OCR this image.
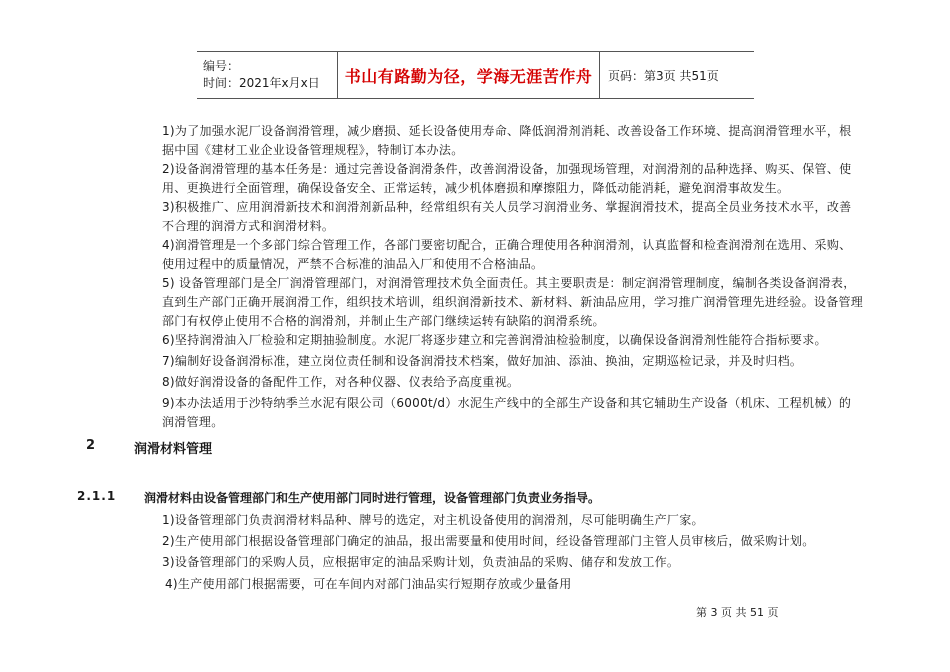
编号：
时间：2021年x月x日	书山有路勤为径，学海无涯苦作舟	页码：第3页 共51页
1)为了加强水泥厂设备润滑管理，减少磨损、延长设备使用寿命、降低润滑剂消耗、改善设备工作环境、提高润滑管理水平，根
据中国《建材工业企业设备管理规程》，特制订本办法。
2)设备润滑管理的基本任务是：通过完善设备润滑条件，改善润滑设备，加强现场管理，对润滑剂的品种选择、购买、保管、使
用、更换进行全面管理，确保设备安全、正常运转，减少机体磨损和摩擦阻力，降低动能消耗，避免润滑事故发生。
3)积极推广、应用润滑新技术和润滑剂新品种，经常组织有关人员学习润滑业务、掌握润滑技术，提高全员业务技术水平，改善
不合理的润滑方式和润滑材料。
4)润滑管理是一个多部门综合管理工作，各部门要密切配合，正确合理使用各种润滑剂，认真监督和检查润滑剂在选用、采购、
使用过程中的质量情况，严禁不合标准的油品入厂和使用不合格油品。
5) 设备管理部门是全厂润滑管理部门，对润滑管理技术负全面责任。其主要职责是：制定润滑管理制度，编制各类设备润滑表，
直到生产部门正确开展润滑工作，组织技术培训，组织润滑新技术、新材料、新油品应用，学习推广润滑管理先进经验。设备管理
部门有权停止使用不合格的润滑剂，并制止生产部门继续运转有缺陷的润滑系统。
6)坚持润滑油入厂检验和定期抽验制度。水泥厂将逐步建立和完善润滑油检验制度，以确保设备润滑剂性能符合指标要求。
7)编制好设备润滑标准，建立岗位责任制和设备润滑技术档案，做好加油、添油、换油，定期巡检记录，并及时归档。
8)做好润滑设备的备配件工作，对各种仪器、仪表给予高度重视。
9)本办法适用于沙特纳季兰水泥有限公司（6000t/d）水泥生产线中的全部生产设备和其它辅助生产设备（机床、工程机械）的
润滑管理。
2	润滑材料管理
2.1.1 润滑材料由设备管理部门和生产使用部门同时进行管理，设备管理部门负责业务指导。
1)设备管理部门负责润滑材料品种、牌号的选定，对主机设备使用的润滑剂，尽可能明确生产厂家。
2)生产使用部门根据设备管理部门确定的油品，报出需要量和使用时间，经设备管理部门主管人员审核后，做采购计划。
3)设备管理部门的采购人员，应根据审定的油品采购计划，负责油品的采购、储存和发放工作。
4)生产使用部门根据需要，可在车间内对部门油品实行短期存放或少量备用
第 3 页 共 51 页
